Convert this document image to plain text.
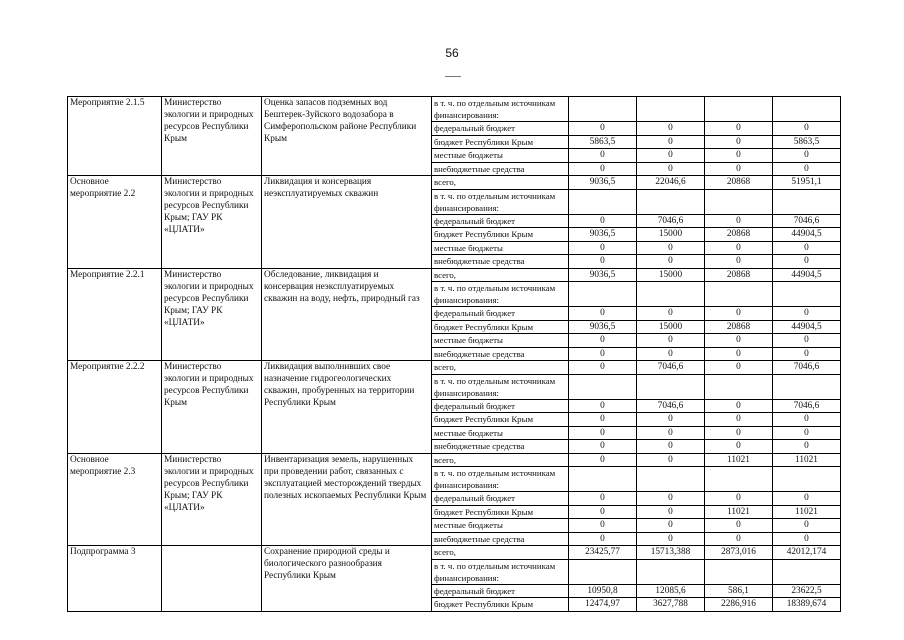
56
Мероприятие 2.1.5	Министерство экологии и природных ресурсов Республики Крым	Оценка запасов подземных вод Бештерек-Зуйского водозабора в Симферопольском районе Республики Крым	в т. ч. по отдельным источникам финансирования:				
			федеральный бюджет	0	0	0	0
			бюджет Республики Крым	5863,5	0	0	5863,5
			местные бюджеты	0	0	0	0
			внебюджетные средства	0	0	0	0
Основное мероприятие 2.2	Министерство экологии и природных ресурсов Республики Крым; ГАУ РК «ЦЛАТИ»	Ликвидация и консервация неэксплуатируемых скважин	всего,	9036,5	22046,6	20868	51951,1
			в т. ч. по отдельным источникам финансирования:				
			федеральный бюджет	0	7046,6	0	7046,6
			бюджет Республики Крым	9036,5	15000	20868	44904,5
			местные бюджеты	0	0	0	0
			внебюджетные средства	0	0	0	0
Мероприятие 2.2.1	Министерство экологии и природных ресурсов Республики Крым; ГАУ РК «ЦЛАТИ»	Обследование, ликвидация и консервация неэксплуатируемых скважин на воду, нефть, природный газ	всего,	9036,5	15000	20868	44904,5
			в т. ч. по отдельным источникам финансирования:				
			федеральный бюджет	0	0	0	0
			бюджет Республики Крым	9036,5	15000	20868	44904,5
			местные бюджеты	0	0	0	0
			внебюджетные средства	0	0	0	0
Мероприятие 2.2.2	Министерство экологии и природных ресурсов Республики Крым	Ликвидация выполнивших свое назначение гидрогеологических скважин, пробуренных на территории Республики Крым	всего,	0	7046,6	0	7046,6
			в т. ч. по отдельным источникам финансирования:				
			федеральный бюджет	0	7046,6	0	7046,6
			бюджет Республики Крым	0	0	0	0
			местные бюджеты	0	0	0	0
			внебюджетные средства	0	0	0	0
Основное мероприятие 2.3	Министерство экологии и природных ресурсов Республики Крым; ГАУ РК «ЦЛАТИ»	Инвентаризация земель, нарушенных при проведении работ, связанных с эксплуатацией месторождений твердых полезных ископаемых Республики Крым	всего,	0	0	11021	11021
			в т. ч. по отдельным источникам финансирования:				
			федеральный бюджет	0	0	0	0
			бюджет Республики Крым	0	0	11021	11021
			местные бюджеты	0	0	0	0
			внебюджетные средства	0	0	0	0
Подпрограмма 3		Сохранение природной среды и биологического разнообразия Республики Крым	всего,	23425,77	15713,388	2873,016	42012,174
			в т. ч. по отдельным источникам финансирования:				
			федеральный бюджет	10950,8	12085,6	586,1	23622,5
			бюджет Республики Крым	12474,97	3627,788	2286,916	18389,674
